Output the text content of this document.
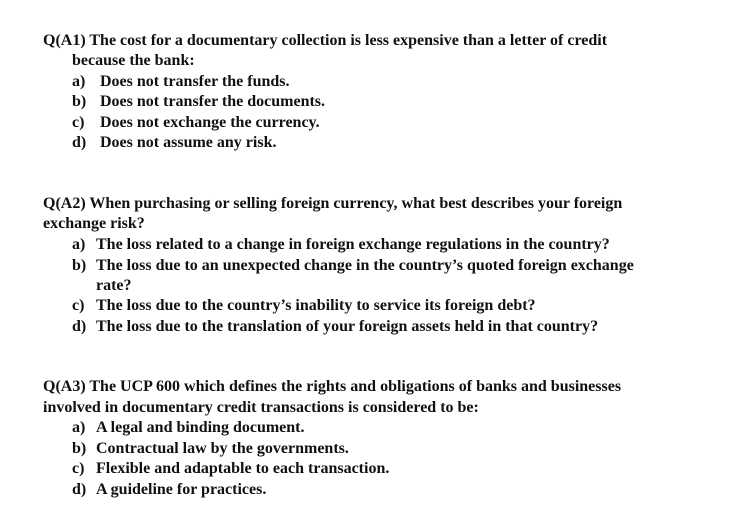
Q(A1) The cost for a documentary collection is less expensive than a letter of credit
because the bank:
a) Does not transfer the funds.
b) Does not transfer the documents.
c) Does not exchange the currency.
d) Does not assume any risk.
Q(A2) When purchasing or selling foreign currency, what best describes your foreign
exchange risk?
a) The loss related to a change in foreign exchange regulations in the country?
b) The loss due to an unexpected change in the country’s quoted foreign exchange
rate?
c) The loss due to the country’s inability to service its foreign debt?
d) The loss due to the translation of your foreign assets held in that country?
Q(A3) The UCP 600 which defines the rights and obligations of banks and businesses
involved in documentary credit transactions is considered to be:
a) A legal and binding document.
b) Contractual law by the governments.
c) Flexible and adaptable to each transaction.
d) A guideline for practices.
